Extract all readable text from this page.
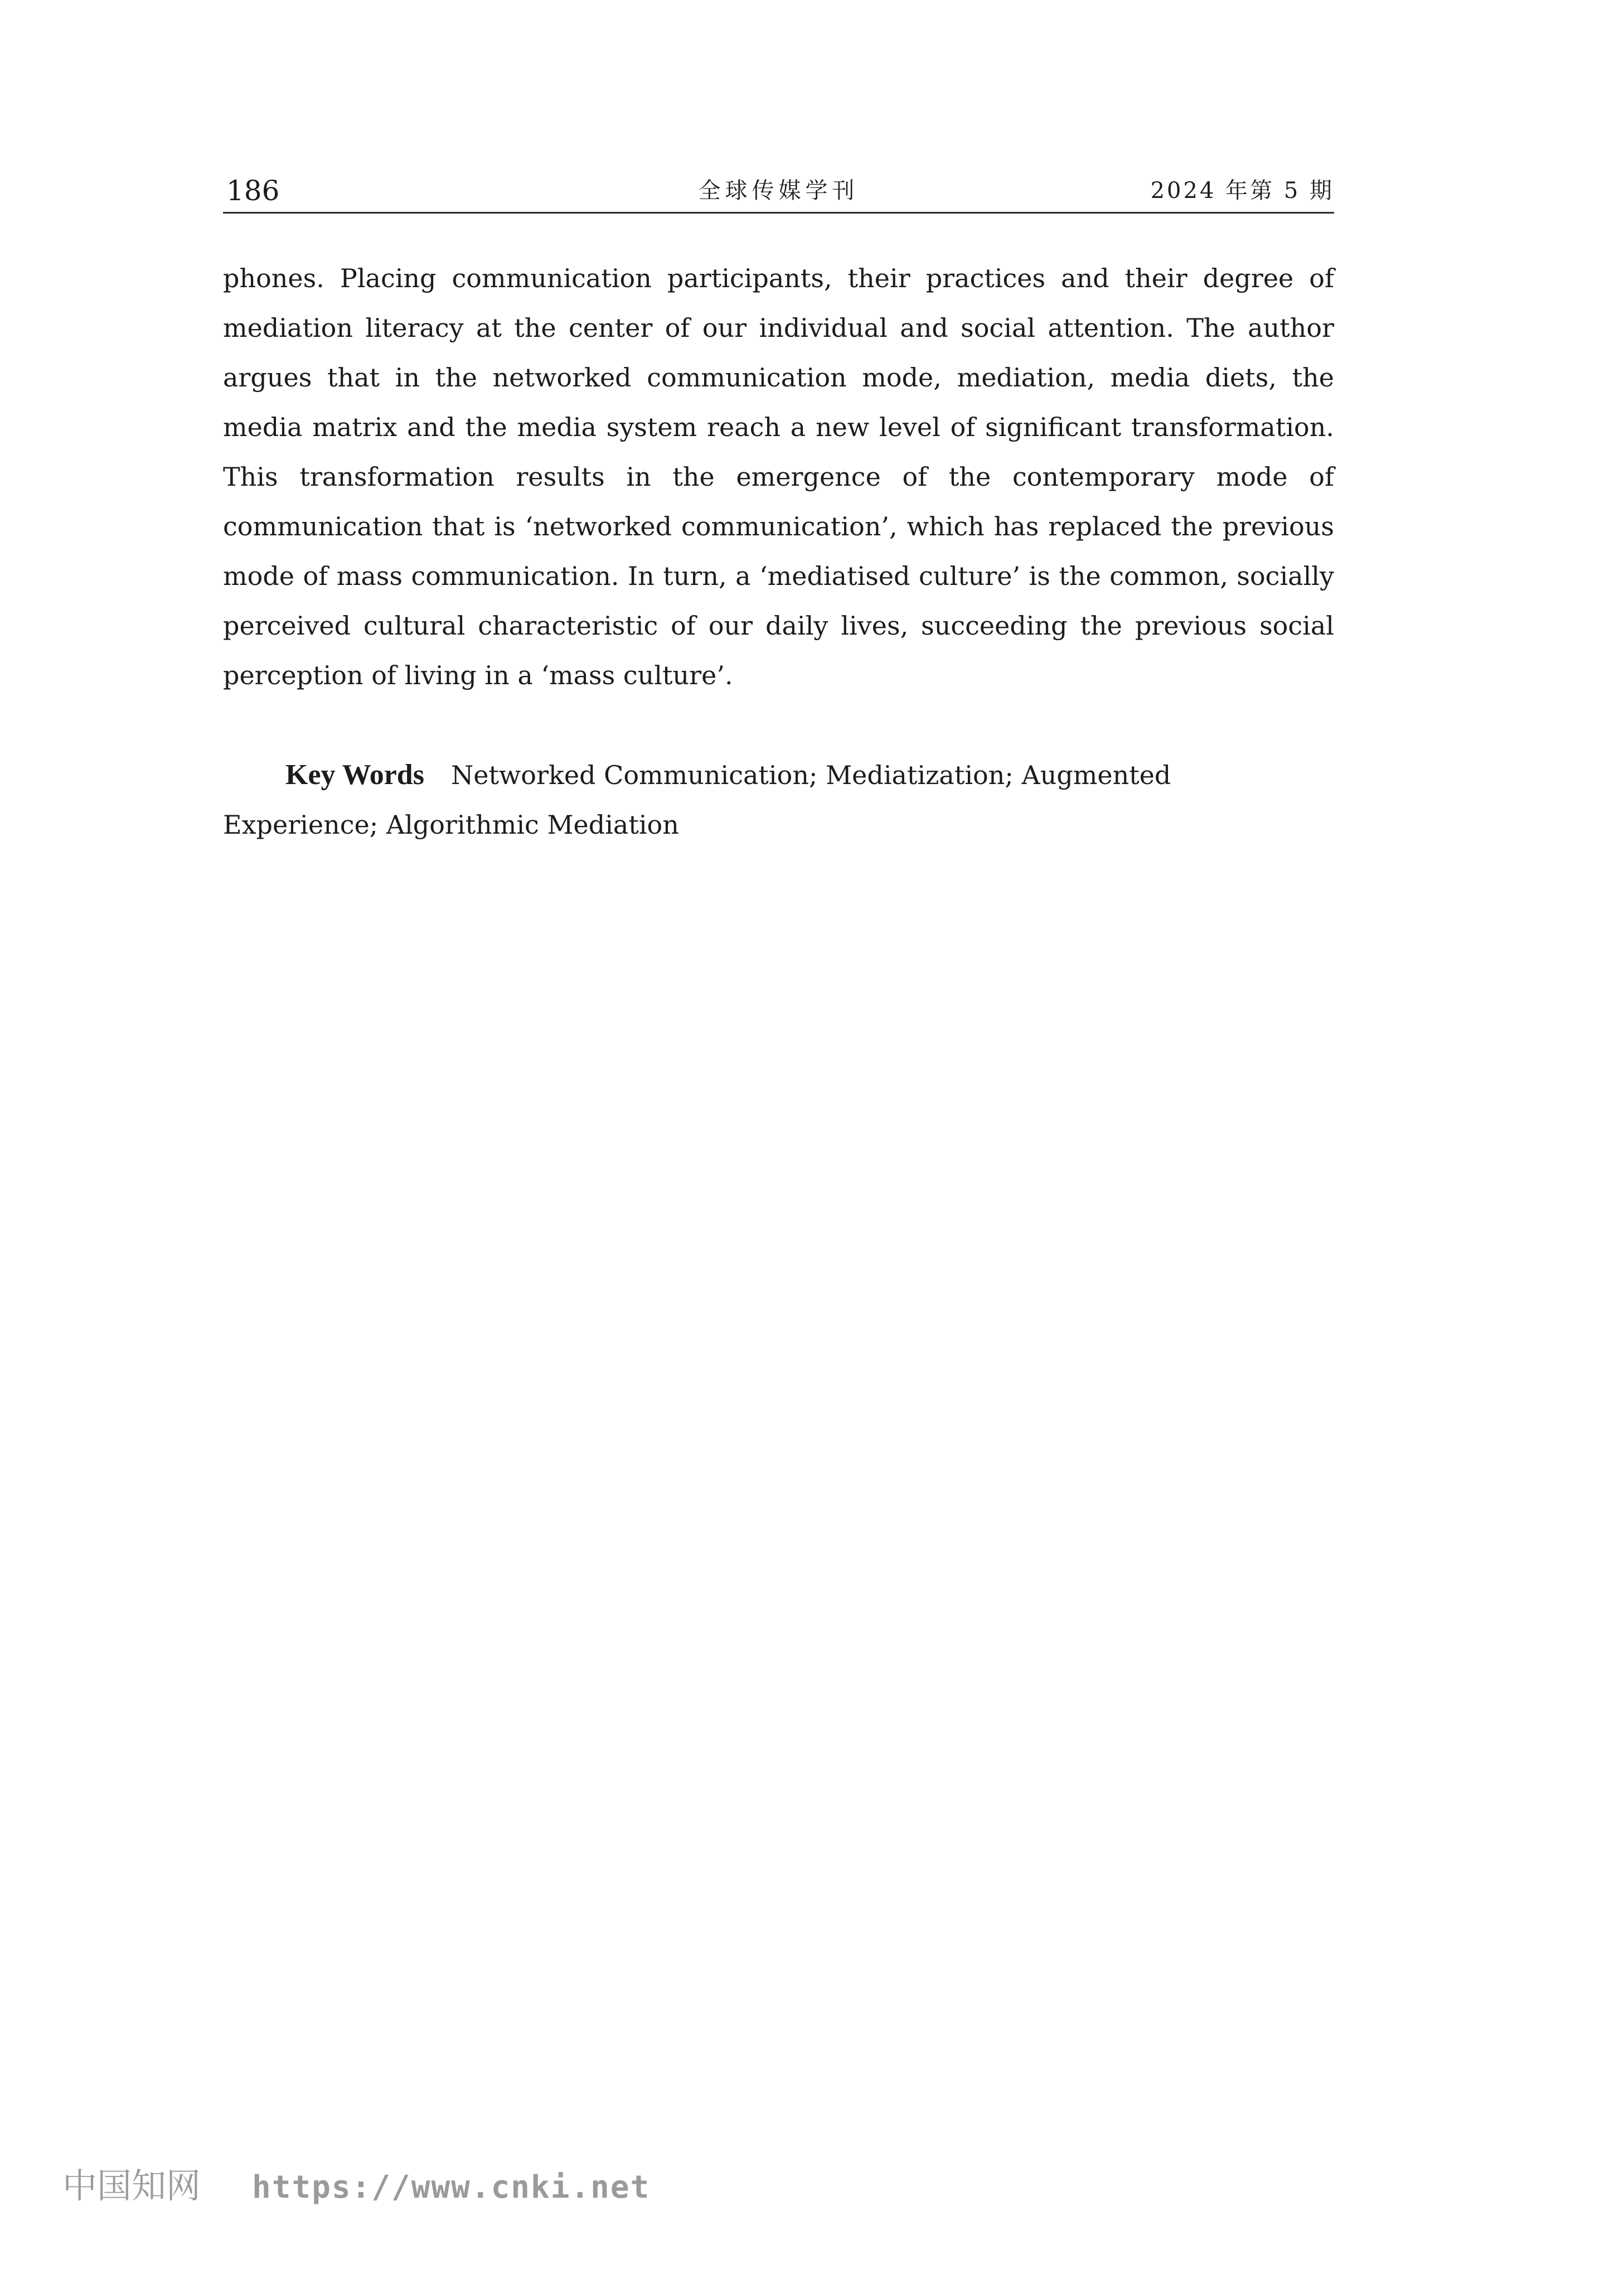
186	全球传媒学刊	2024 年第 5 期

phones. Placing communication participants, their practices and their degree of mediation literacy at the center of our individual and social attention. The author argues that in the networked communication mode, mediation, media diets, the media matrix and the media system reach a new level of significant transformation. This transformation results in the emergence of the contemporary mode of communication that is ‘networked communication’, which has replaced the previous mode of mass communication. In turn, a ‘mediatised culture’ is the common, socially perceived cultural characteristic of our daily lives, succeeding the previous social perception of living in a ‘mass culture’.

Key Words Networked Communication; Mediatization; Augmented Experience; Algorithmic Mediation

中国知网 https://www.cnki.net
